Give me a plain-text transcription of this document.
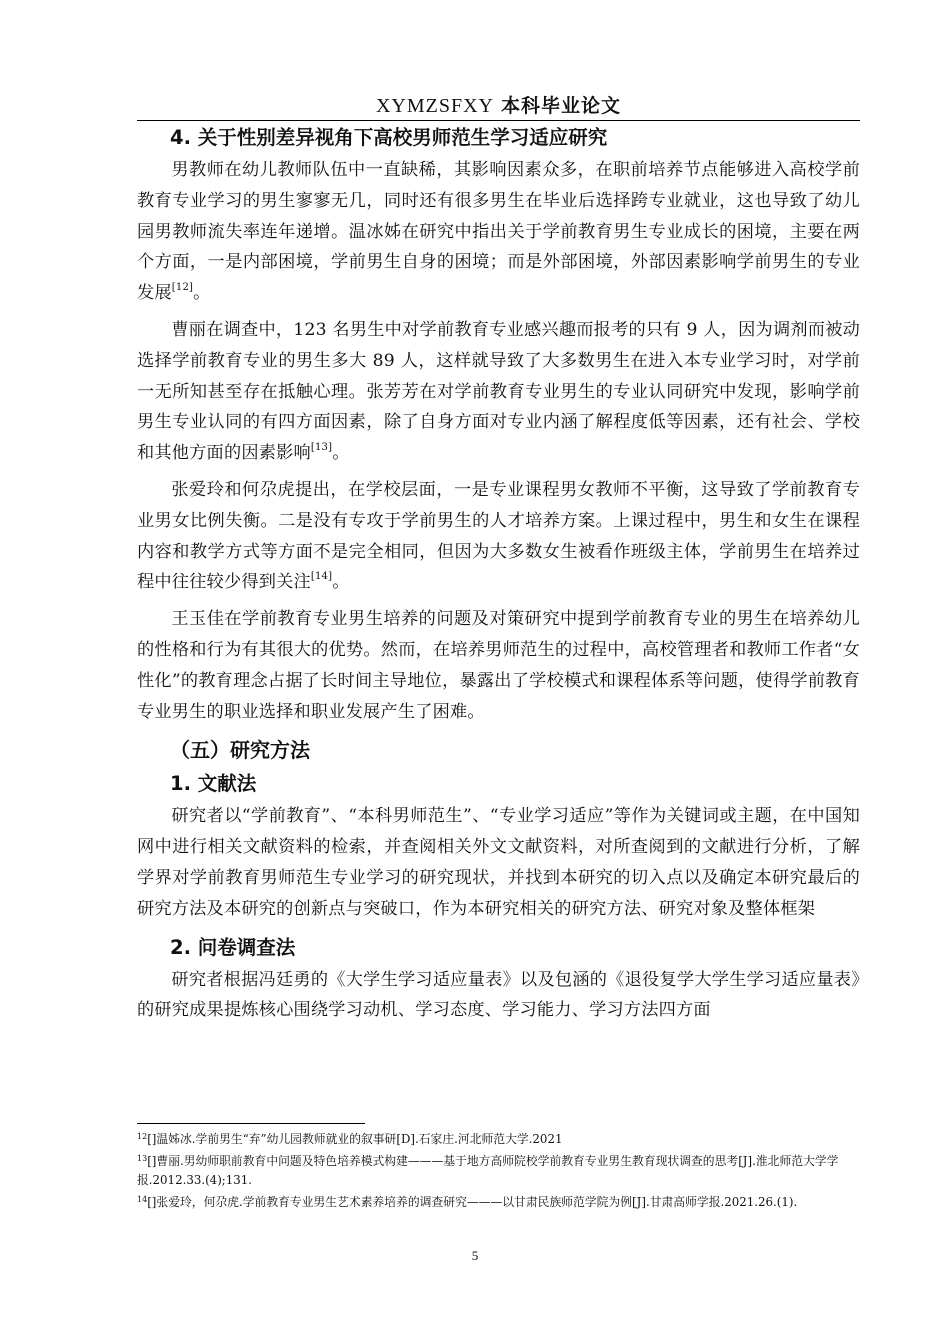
XYMZSFXY 本科毕业论文
4. 关于性别差异视角下高校男师范生学习适应研究

男教师在幼儿教师队伍中一直缺稀，其影响因素众多，在职前培养节点能够进入高校学前教育专业学习的男生寥寥无几，同时还有很多男生在毕业后选择跨专业就业，这也导致了幼儿园男教师流失率连年递增。温冰姊在研究中指出关于学前教育男生专业成长的困境，主要在两个方面，一是内部困境，学前男生自身的困境；而是外部困境，外部因素影响学前男生的专业发展[12]。

曹丽在调查中，123 名男生中对学前教育专业感兴趣而报考的只有 9 人，因为调剂而被动选择学前教育专业的男生多大 89 人，这样就导致了大多数男生在进入本专业学习时，对学前一无所知甚至存在抵触心理。张芳芳在对学前教育专业男生的专业认同研究中发现，影响学前男生专业认同的有四方面因素，除了自身方面对专业内涵了解程度低等因素，还有社会、学校和其他方面的因素影响[13]。

张爱玲和何尕虎提出，在学校层面，一是专业课程男女教师不平衡，这导致了学前教育专业男女比例失衡。二是没有专攻于学前男生的人才培养方案。上课过程中，男生和女生在课程内容和教学方式等方面不是完全相同，但因为大多数女生被看作班级主体，学前男生在培养过程中往往较少得到关注[14]。

王玉佳在学前教育专业男生培养的问题及对策研究中提到学前教育专业的男生在培养幼儿的性格和行为有其很大的优势。然而，在培养男师范生的过程中，高校管理者和教师工作者“女性化”的教育理念占据了长时间主导地位，暴露出了学校模式和课程体系等问题，使得学前教育专业男生的职业选择和职业发展产生了困难。

（五）研究方法
1. 文献法

研究者以“学前教育”、“本科男师范生”、“专业学习适应”等作为关键词或主题，在中国知网中进行相关文献资料的检索，并查阅相关外文文献资料，对所查阅到的文献进行分析，了解学界对学前教育男师范生专业学习的研究现状，并找到本研究的切入点以及确定本研究最后的研究方法及本研究的创新点与突破口，作为本研究相关的研究方法、研究对象及整体框架

2. 问卷调查法

研究者根据冯廷勇的《大学生学习适应量表》以及包涵的《退役复学大学生学习适应量表》的研究成果提炼核心围绕学习动机、学习态度、学习能力、学习方法四方面

$^{12}$[]温姊冰.学前男生“弃”幼儿园教师就业的叙事研[D].石家庄.河北师范大学.2021

$^{13}$[]曹丽.男幼师职前教育中问题及特色培养模式构建———基于地方高师院校学前教育专业男生教育现状调查的思考[J].淮北师范大学学报.2012.33.(4);131.

$^{14}$[]张爱玲，何尕虎.学前教育专业男生艺术素养培养的调查研究———以甘肃民族师范学院为例[J].甘肃高师学报.2021.26.(1).

5
